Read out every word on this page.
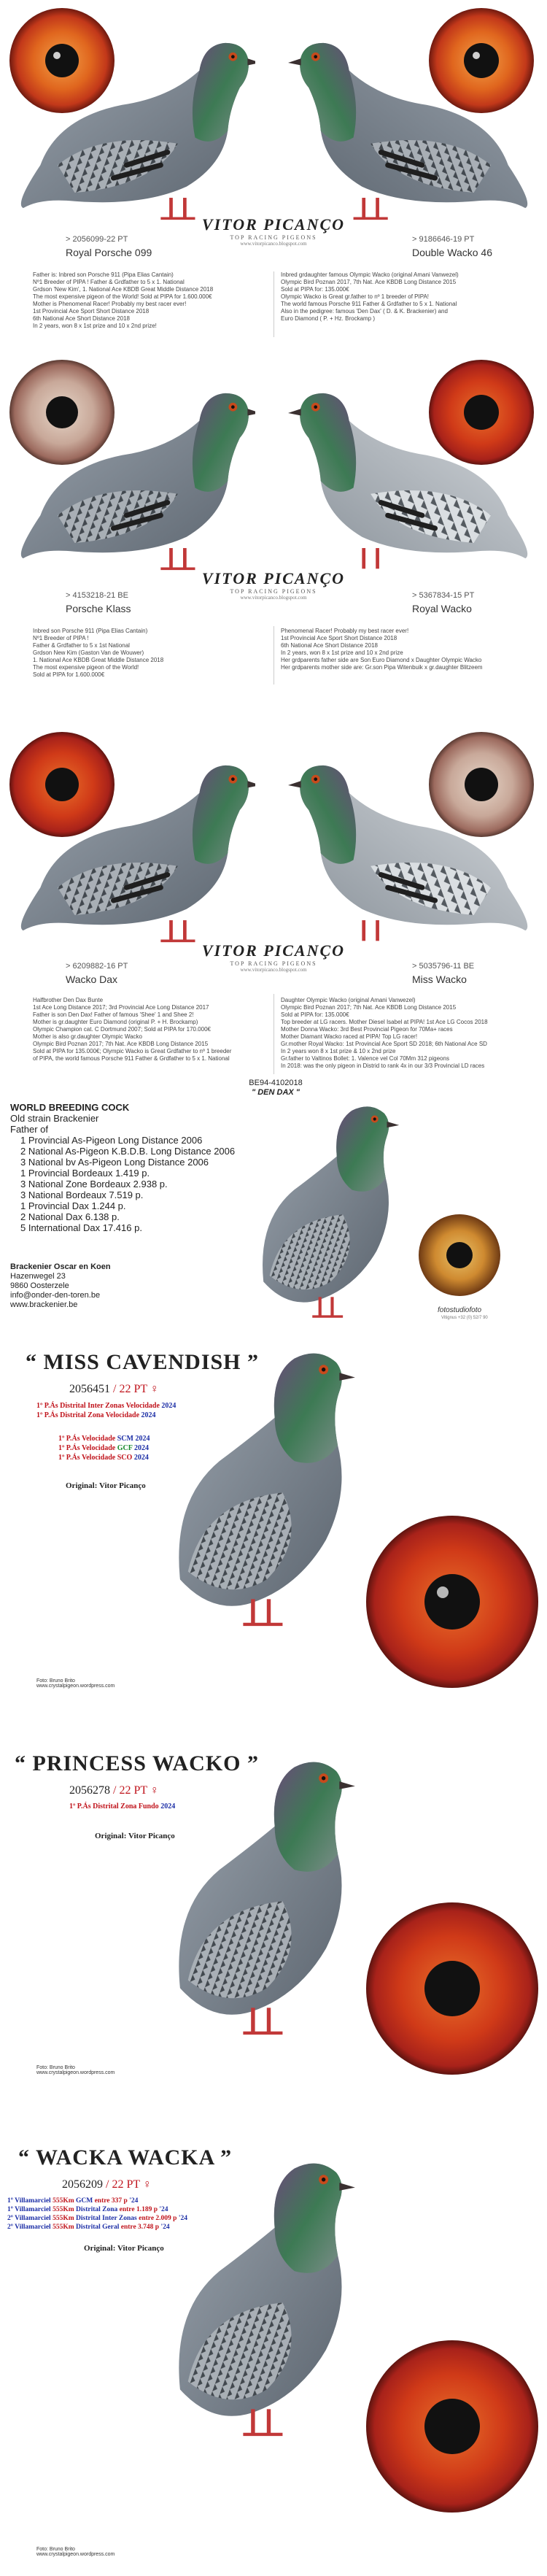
VITOR PICANÇO
TOP RACING PIGEONS
www.vitorpicanco.blogspot.com
> 2056099-22 PT
Royal Porsche 099
> 9186646-19 PT
Double Wacko 46
Father is: Inbred son Porsche 911 (Pipa Elias Cantain)
Nº1 Breeder of PIPA ! Father & Grdfather to 5 x 1. National
Grdson 'New Kim', 1. National Ace KBDB Great Middle Distance 2018
The most expensive pigeon of the World! Sold at PIPA for 1.600.000€
Mother is Phenomenal Racer! Probably my best racer ever!
1st Provincial Ace Sport Short Distance 2018
6th National Ace Short Distance 2018
In 2 years, won 8 x 1st prize and 10 x 2nd prize!
Inbred grdaughter famous Olympic Wacko (original Amani Vanwezel)
Olympic Bird Poznan 2017, 7th Nat. Ace KBDB Long Distance 2015
Sold at PIPA for: 135.000€
Olympic Wacko is Great gr.father to nº 1 breeder of PIPA!
The world famous Porsche 911 Father & Grdfather to 5 x 1. National
Also in the pedigree: famous 'Den Dax' ( D. & K. Brackenier) and
Euro Diamond ( P. + Hz. Brockamp )
VITOR PICANÇO
TOP RACING PIGEONS
www.vitorpicanco.blogspot.com
> 4153218-21 BE
Porsche Klass
> 5367834-15 PT
Royal Wacko
Inbred son Porsche 911 (Pipa Elias Cantain)
Nº1 Breeder of PIPA !
Father & Grdfather to 5 x 1st National
Grdson New Kim (Gaston Van de Wouwer)
1. National Ace KBDB Great Middle Distance 2018
The most expensive pigeon of the World!
Sold at PIPA for 1.600.000€
Phenomenal Racer! Probably my best racer ever!
1st Provincial Ace Sport Short Distance 2018
6th National Ace Short Distance 2018
In 2 years, won 8 x 1st prize and 10 x 2nd prize
Her grdparents father side are Son Euro Diamond x Daughter Olympic Wacko
Her grdparents mother side are: Gr.son Pipa Witenbuik x gr.daughter Blitzeem
VITOR PICANÇO
TOP RACING PIGEONS
www.vitorpicanco.blogspot.com
> 6209882-16 PT
Wacko Dax
> 5035796-11 BE
Miss Wacko
Halfbrother Den Dax Bunte
1st Ace Long Distance 2017; 3rd Provincial Ace Long Distance 2017
Father is son Den Dax! Father of famous 'Shee' 1 and Shee 2!
Mother is gr.daughter Euro Diamond (original P. + H. Brockamp)
Olympic Champion cat. C Dortmund 2007; Sold at PIPA for 170.000€
Mother is also gr.daughter Olympic Wacko
Olympic Bird Poznan 2017; 7th Nat. Ace KBDB Long Distance 2015
Sold at PIPA for 135.000€; Olympic Wacko is Great Grdfather to nº 1 breeder
of PIPA, the world famous Porsche 911 Father & Grdfather to 5 x 1. National
Daughter Olympic Wacko (original Amani Vanwezel)
Olympic Bird Poznan 2017; 7th Nat. Ace KBDB Long Distance 2015
Sold at PIPA for: 135.000€
Top breeder at LG racers. Mother Diesel Isabel at PIPA! 1st Ace LG Cocos 2018
Mother Donna Wacko: 3rd Best Provincial Pigeon for 70Ma+ races
Mother Diamant Wacko raced at PIPA! Top LG racer!
Gr.mother Royal Wacko: 1st Provincial Ace Sport SD 2018; 6th National Ace SD
In 2 years won 8 x 1st prize & 10 x 2nd prize
Gr.father to Valtinos Bollet: 1. Valence vel Col 70Mm 312 pigeons
In 2018: was the only pigeon in Distrid to rank 4x in our 3/3 Provincial LD races
BE94-4102018
" DEN DAX "
WORLD BREEDING COCK
Old strain Brackenier
Father of
1 Provincial As-Pigeon Long Distance 2006
2 National As-Pigeon K.B.D.B. Long Distance 2006
3 National bv As-Pigeon Long Distance 2006
1 Provincial Bordeaux 1.419 p.
3 National Zone Bordeaux 2.938 p.
3 National Bordeaux 7.519 p.
1 Provincial Dax 1.244 p.
2 National Dax 6.138 p.
5 International Dax 17.416 p.
Brackenier Oscar en Koen
Hazenwegel 23
9860 Oosterzele
info@onder-den-toren.be
www.brackenier.be
fotostudiofoto
Vitignus +32 (0) 52/7 90
“ MISS CAVENDISH ”
2056451 / 22 PT ♀
1º P.Ás Distrital Inter Zonas Velocidade 2024
1º P.Ás Distrital Zona Velocidade 2024
1º P.Ás Velocidade SCM 2024
1º P.Ás Velocidade GCF 2024
1º P.Ás Velocidade SCO 2024
Original: Vitor Picanço
Foto: Bruno Brito
www.crystalpigeon.wordpress.com
“ PRINCESS WACKO ”
2056278 / 22 PT ♀
1º P.Ás Distrital Zona Fundo 2024
Original: Vitor Picanço
Foto: Bruno Brito
www.crystalpigeon.wordpress.com
“ WACKA WACKA ”
2056209 / 22 PT ♀
1º Villamarciel 555Km GCM entre 337 p '24
1º Villamarciel 555Km Distrital Zona entre 1.189 p '24
2º Villamarciel 555Km Distrital Inter Zonas entre 2.009 p '24
2º Villamarciel 555Km Distrital Geral entre 3.748 p '24
Original: Vitor Picanço
Foto: Bruno Brito
www.crystalpigeon.wordpress.com
